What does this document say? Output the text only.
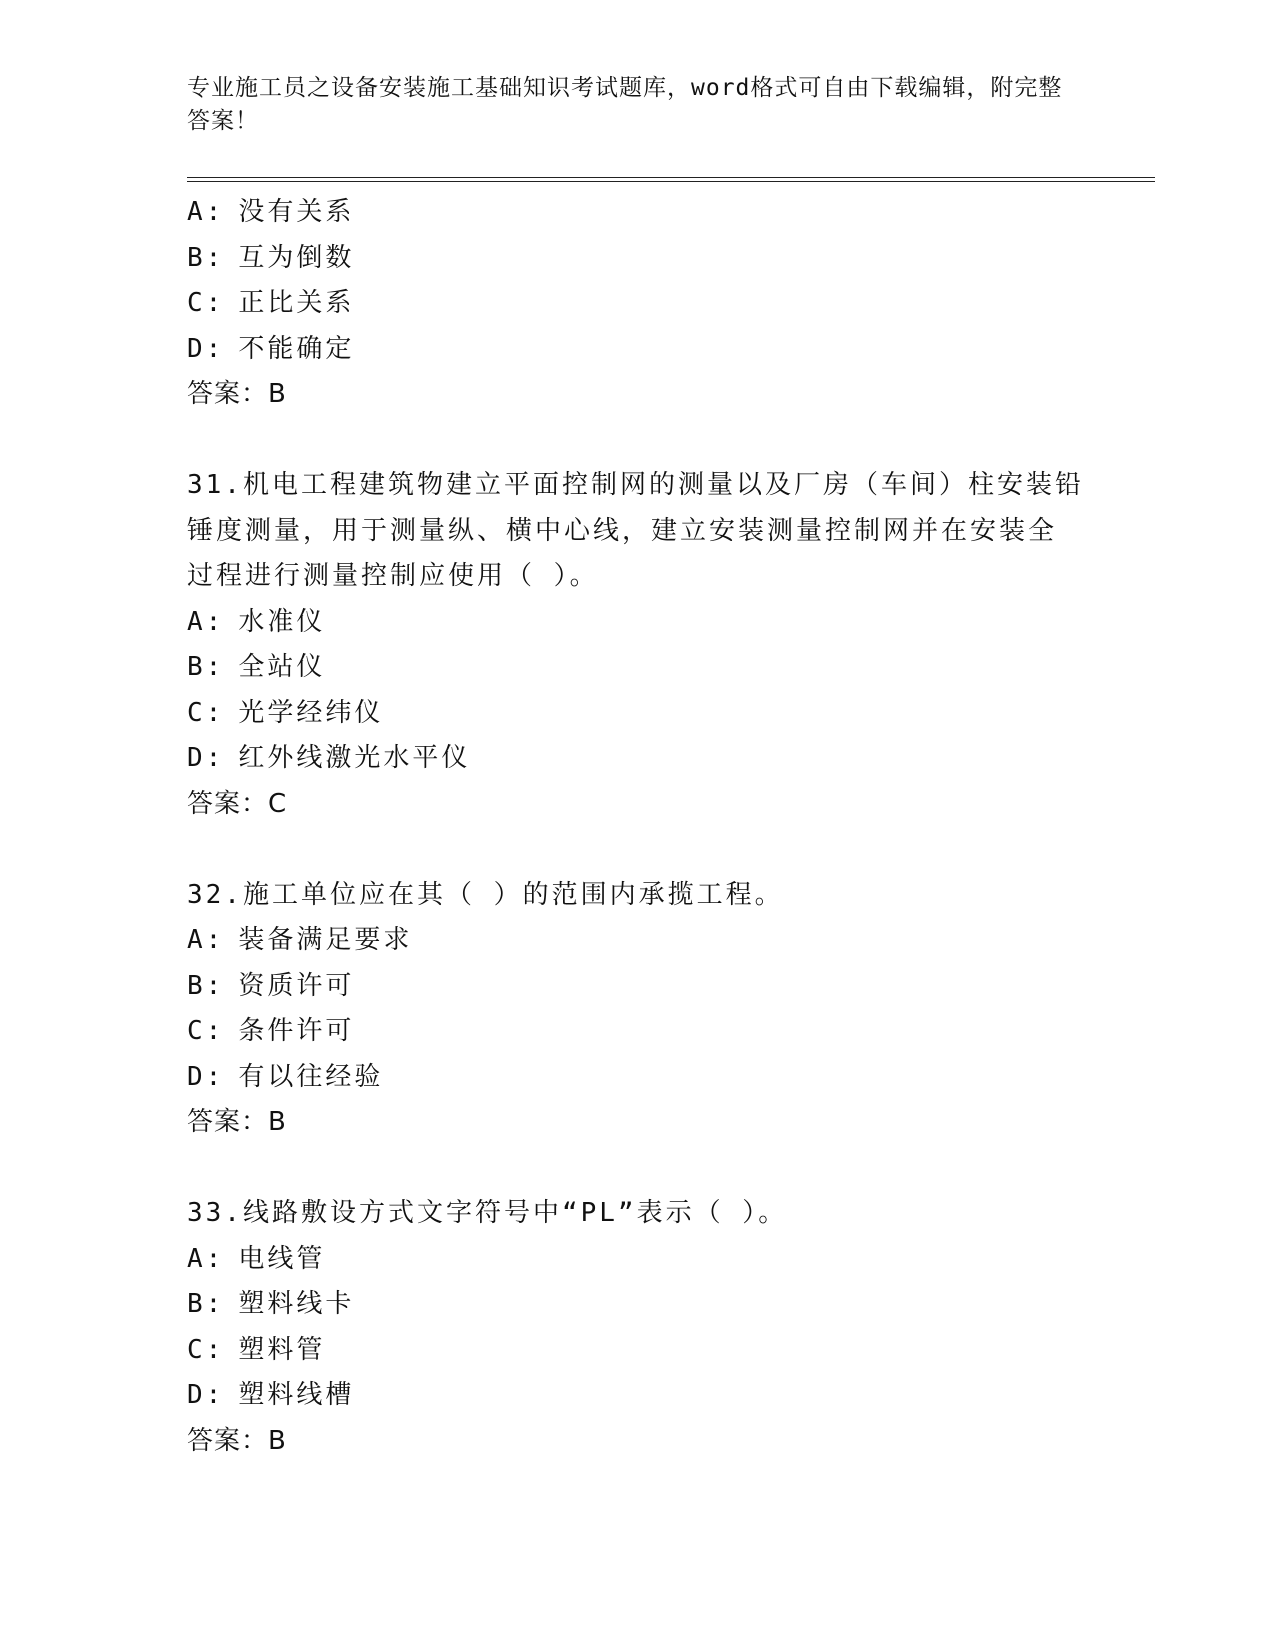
专业施工员之设备安装施工基础知识考试题库，word格式可自由下载编辑，附完整答案！
A: 没有关系
B: 互为倒数
C: 正比关系
D: 不能确定
答案：B
31.机电工程建筑物建立平面控制网的测量以及厂房（车间）柱安装铅
锤度测量，用于测量纵、横中心线，建立安装测量控制网并在安装全
过程进行测量控制应使用（ ）。
A: 水准仪
B: 全站仪
C: 光学经纬仪
D: 红外线激光水平仪
答案：C
32.施工单位应在其（ ）的范围内承揽工程。
A: 装备满足要求
B: 资质许可
C: 条件许可
D: 有以往经验
答案：B
33.线路敷设方式文字符号中“PL”表示（ ）。
A: 电线管
B: 塑料线卡
C: 塑料管
D: 塑料线槽
答案：B
